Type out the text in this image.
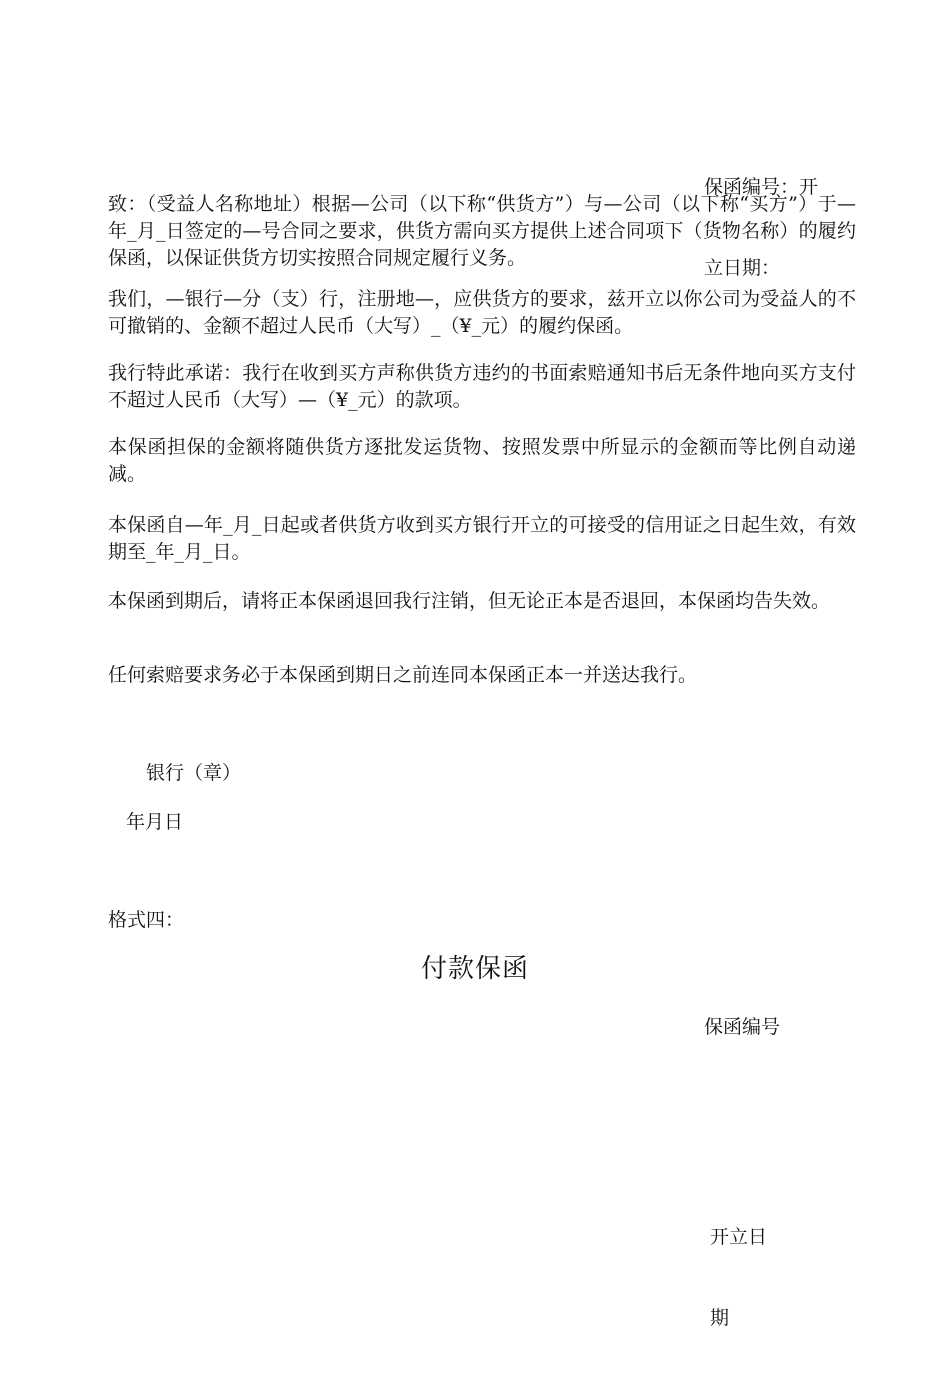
保函编号：开

立日期：

致：（受益人名称地址）根据—公司（以下称“供货方”）与—公司（以下称“买方”）于—年_月_日签定的—号合同之要求，供货方需向买方提供上述合同项下（货物名称）的履约保函，以保证供货方切实按照合同规定履行义务。
我们，—银行—分（支）行，注册地—，应供货方的要求，兹开立以你公司为受益人的不可撤销的、金额不超过人民币（大写）_（¥_元）的履约保函。
我行特此承诺：我行在收到买方声称供货方违约的书面索赔通知书后无条件地向买方支付不超过人民币（大写）—（¥_元）的款项。
本保函担保的金额将随供货方逐批发运货物、按照发票中所显示的金额而等比例自动递减。
本保函自—年_月_日起或者供货方收到买方银行开立的可接受的信用证之日起生效，有效期至_年_月_日。
本保函到期后，请将正本保函退回我行注销，但无论正本是否退回，本保函均告失效。
任何索赔要求务必于本保函到期日之前连同本保函正本一并送达我行。
银行（章）
年月日
格式四：
付款保函
保函编号

开立日

期
